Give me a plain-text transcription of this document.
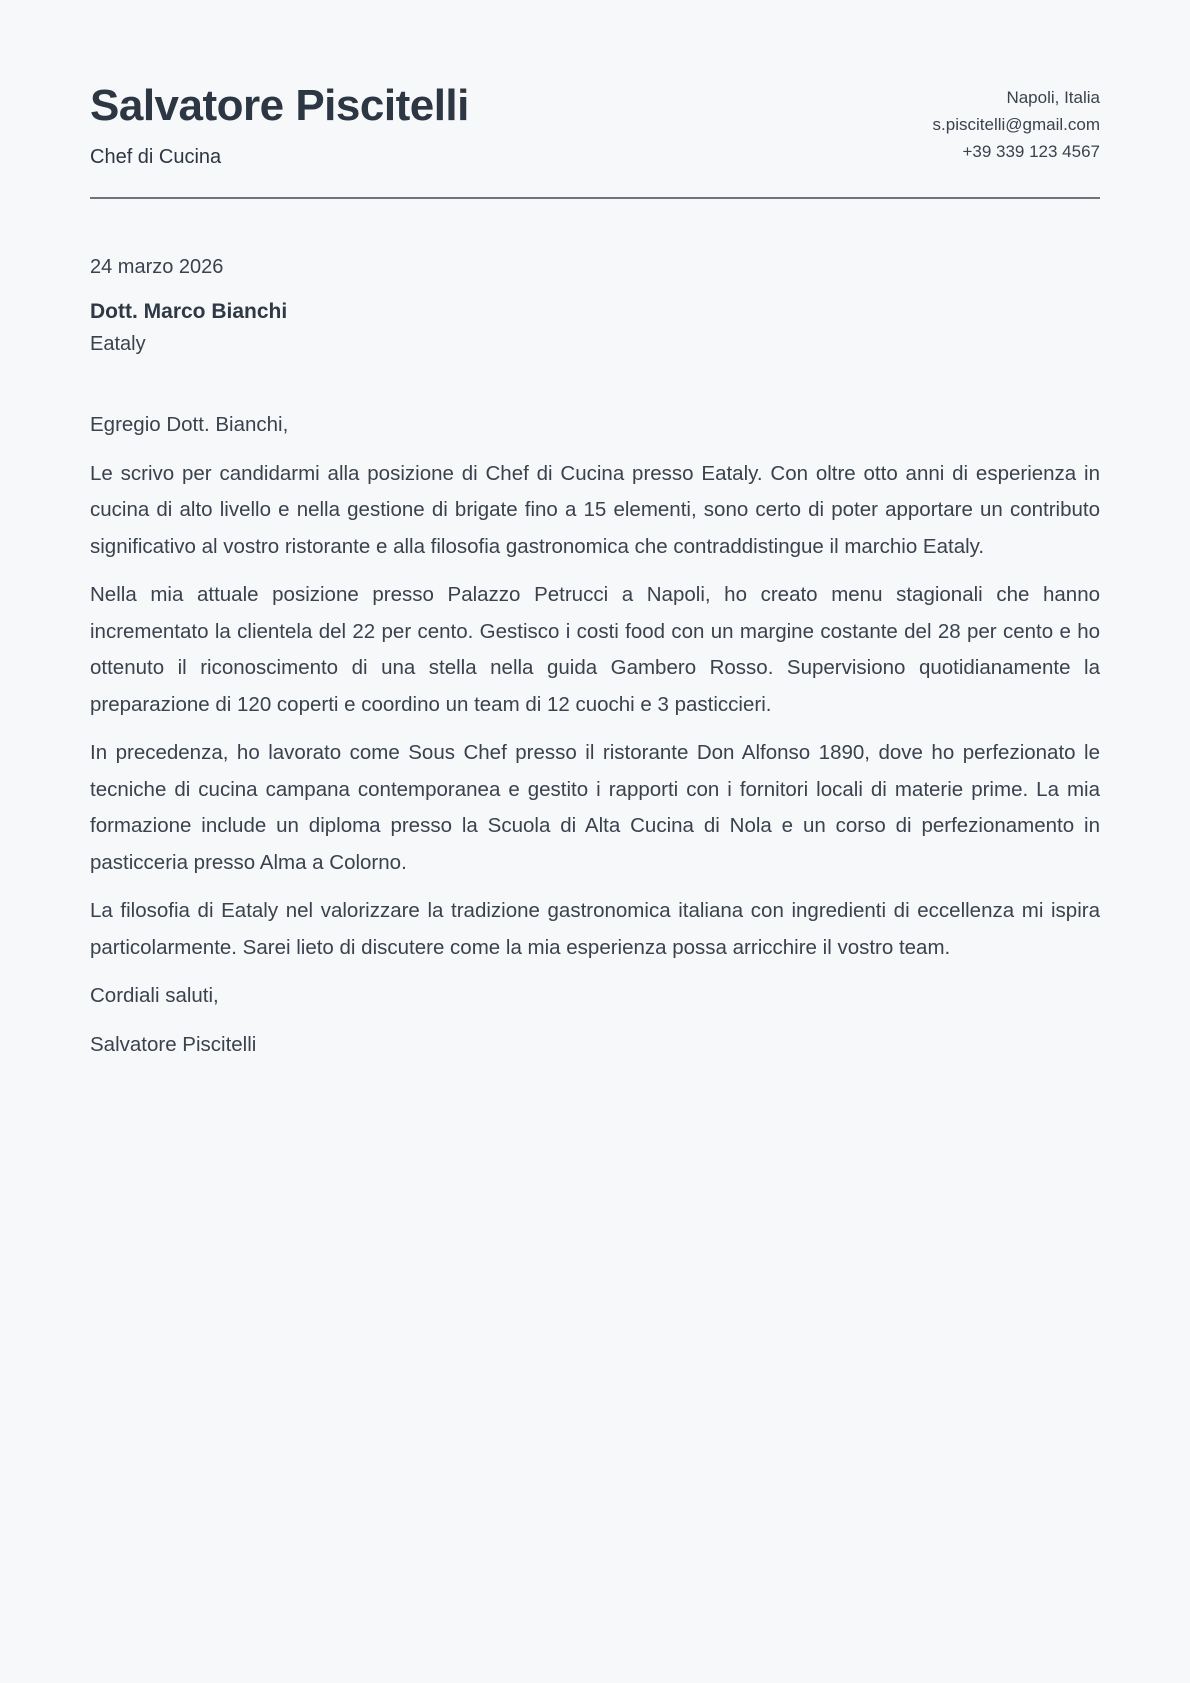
Salvatore Piscitelli
Chef di Cucina
Napoli, Italia
s.piscitelli@gmail.com
+39 339 123 4567
24 marzo 2026
Dott. Marco Bianchi
Eataly

Egregio Dott. Bianchi,

Le scrivo per candidarmi alla posizione di Chef di Cucina presso Eataly. Con oltre otto anni di esperienza in cucina di alto livello e nella gestione di brigate fino a 15 elementi, sono certo di poter apportare un contributo significativo al vostro ristorante e alla filosofia gastronomica che contraddistingue il marchio Eataly.

Nella mia attuale posizione presso Palazzo Petrucci a Napoli, ho creato menu stagionali che hanno incrementato la clientela del 22 per cento. Gestisco i costi food con un margine costante del 28 per cento e ho ottenuto il riconoscimento di una stella nella guida Gambero Rosso. Supervisiono quotidianamente la preparazione di 120 coperti e coordino un team di 12 cuochi e 3 pasticcieri.

In precedenza, ho lavorato come Sous Chef presso il ristorante Don Alfonso 1890, dove ho perfezionato le tecniche di cucina campana contemporanea e gestito i rapporti con i fornitori locali di materie prime. La mia formazione include un diploma presso la Scuola di Alta Cucina di Nola e un corso di perfezionamento in pasticceria presso Alma a Colorno.

La filosofia di Eataly nel valorizzare la tradizione gastronomica italiana con ingredienti di eccellenza mi ispira particolarmente. Sarei lieto di discutere come la mia esperienza possa arricchire il vostro team.

Cordiali saluti,

Salvatore Piscitelli
